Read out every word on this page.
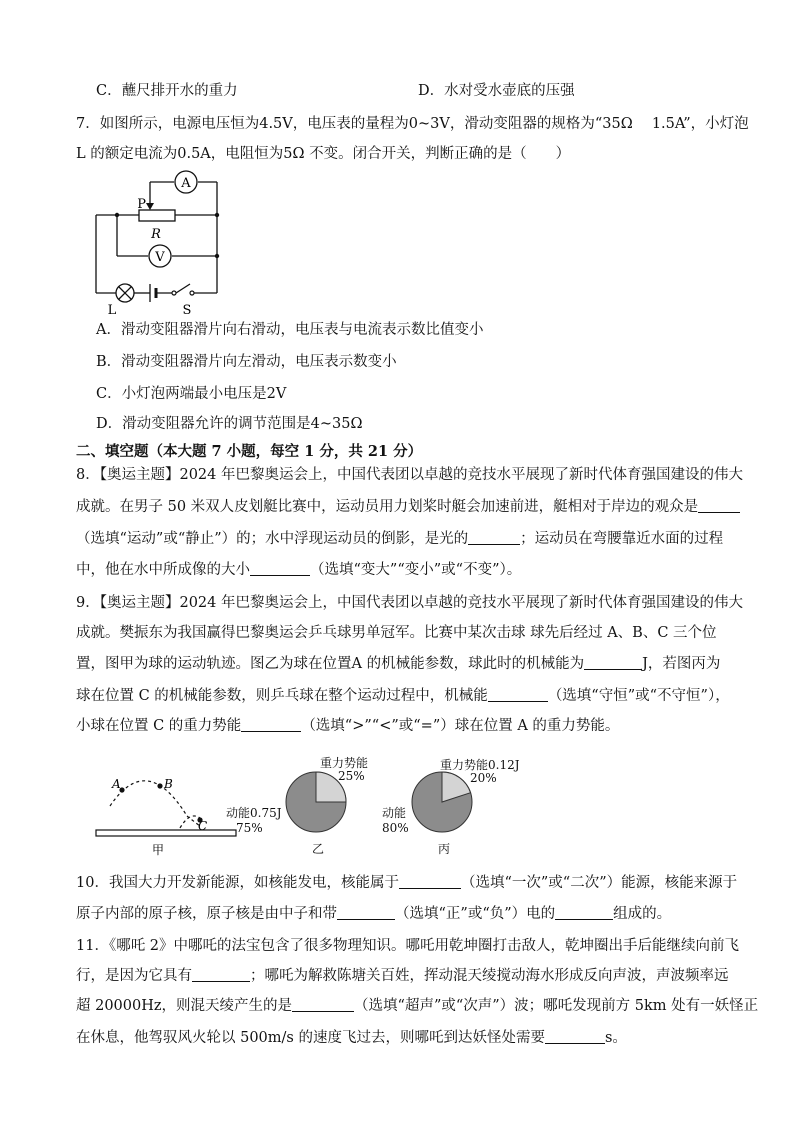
C．蘸尺排开水的重力	D．水对受水壶底的压强
7．如图所示，电源电压恒为4.5V，电压表的量程为0~3V，滑动变阻器的规格为“35Ω　 1.5A”，小灯泡
L 的额定电流为0.5A，电阻恒为5Ω 不变。闭合开关，判断正确的是（　　）
A
V
P
R
L	S
A．滑动变阻器滑片向右滑动，电压表与电流表示数比值变小
B．滑动变阻器滑片向左滑动，电压表示数变小
C．小灯泡两端最小电压是2V
D．滑动变阻器允许的调节范围是4~35Ω
二、填空题（本大题 7 小题，每空 1 分，共 21 分）
8．【奥运主题】2024 年巴黎奥运会上，中国代表团以卓越的竞技水平展现了新时代体育强国建设的伟大
成就。在男子 50 米双人皮划艇比赛中，运动员用力划桨时艇会加速前进，艇相对于岸边的观众是
（选填“运动”或“静止”）的；水中浮现运动员的倒影，是光的	；运动员在弯腰靠近水面的过程
中，他在水中所成像的大小	（选填“变大”“变小”或“不变”）。
9．【奥运主题】2024 年巴黎奥运会上，中国代表团以卓越的竞技水平展现了新时代体育强国建设的伟大
成就。樊振东为我国赢得巴黎奥运会乒乓球男单冠军。比赛中某次击球 球先后经过 A、B、C 三个位
置，图甲为球的运动轨迹。图乙为球在位置A 的机械能参数，球此时的机械能为	J，若图丙为
球在位置 C 的机械能参数，则乒乓球在整个运动过程中，机械能	（选填“守恒”或“不守恒”），
小球在位置 C 的重力势能	（选填“>”“<”或“=”）球在位置 A 的重力势能。
A	B
C
甲
重力势能
25%
动能0.75J
75%
乙
重力势能0.12J
20%
动能
80%
丙
10．我国大力开发新能源，如核能发电，核能属于	（选填“一次”或“二次”）能源，核能来源于
原子内部的原子核，原子核是由中子和带	（选填“正”或“负”）电的	组成的。
11．《哪吒 2》中哪吒的法宝包含了很多物理知识。哪吒用乾坤圈打击敌人，乾坤圈出手后能继续向前飞
行，是因为它具有	；哪吒为解救陈塘关百姓，挥动混天绫搅动海水形成反向声波，声波频率远
超 20000Hz，则混天绫产生的是	（选填“超声”或“次声”）波；哪吒发现前方 5km 处有一妖怪正
在休息，他驾驭风火轮以 500m/s 的速度飞过去，则哪吒到达妖怪处需要	s。
